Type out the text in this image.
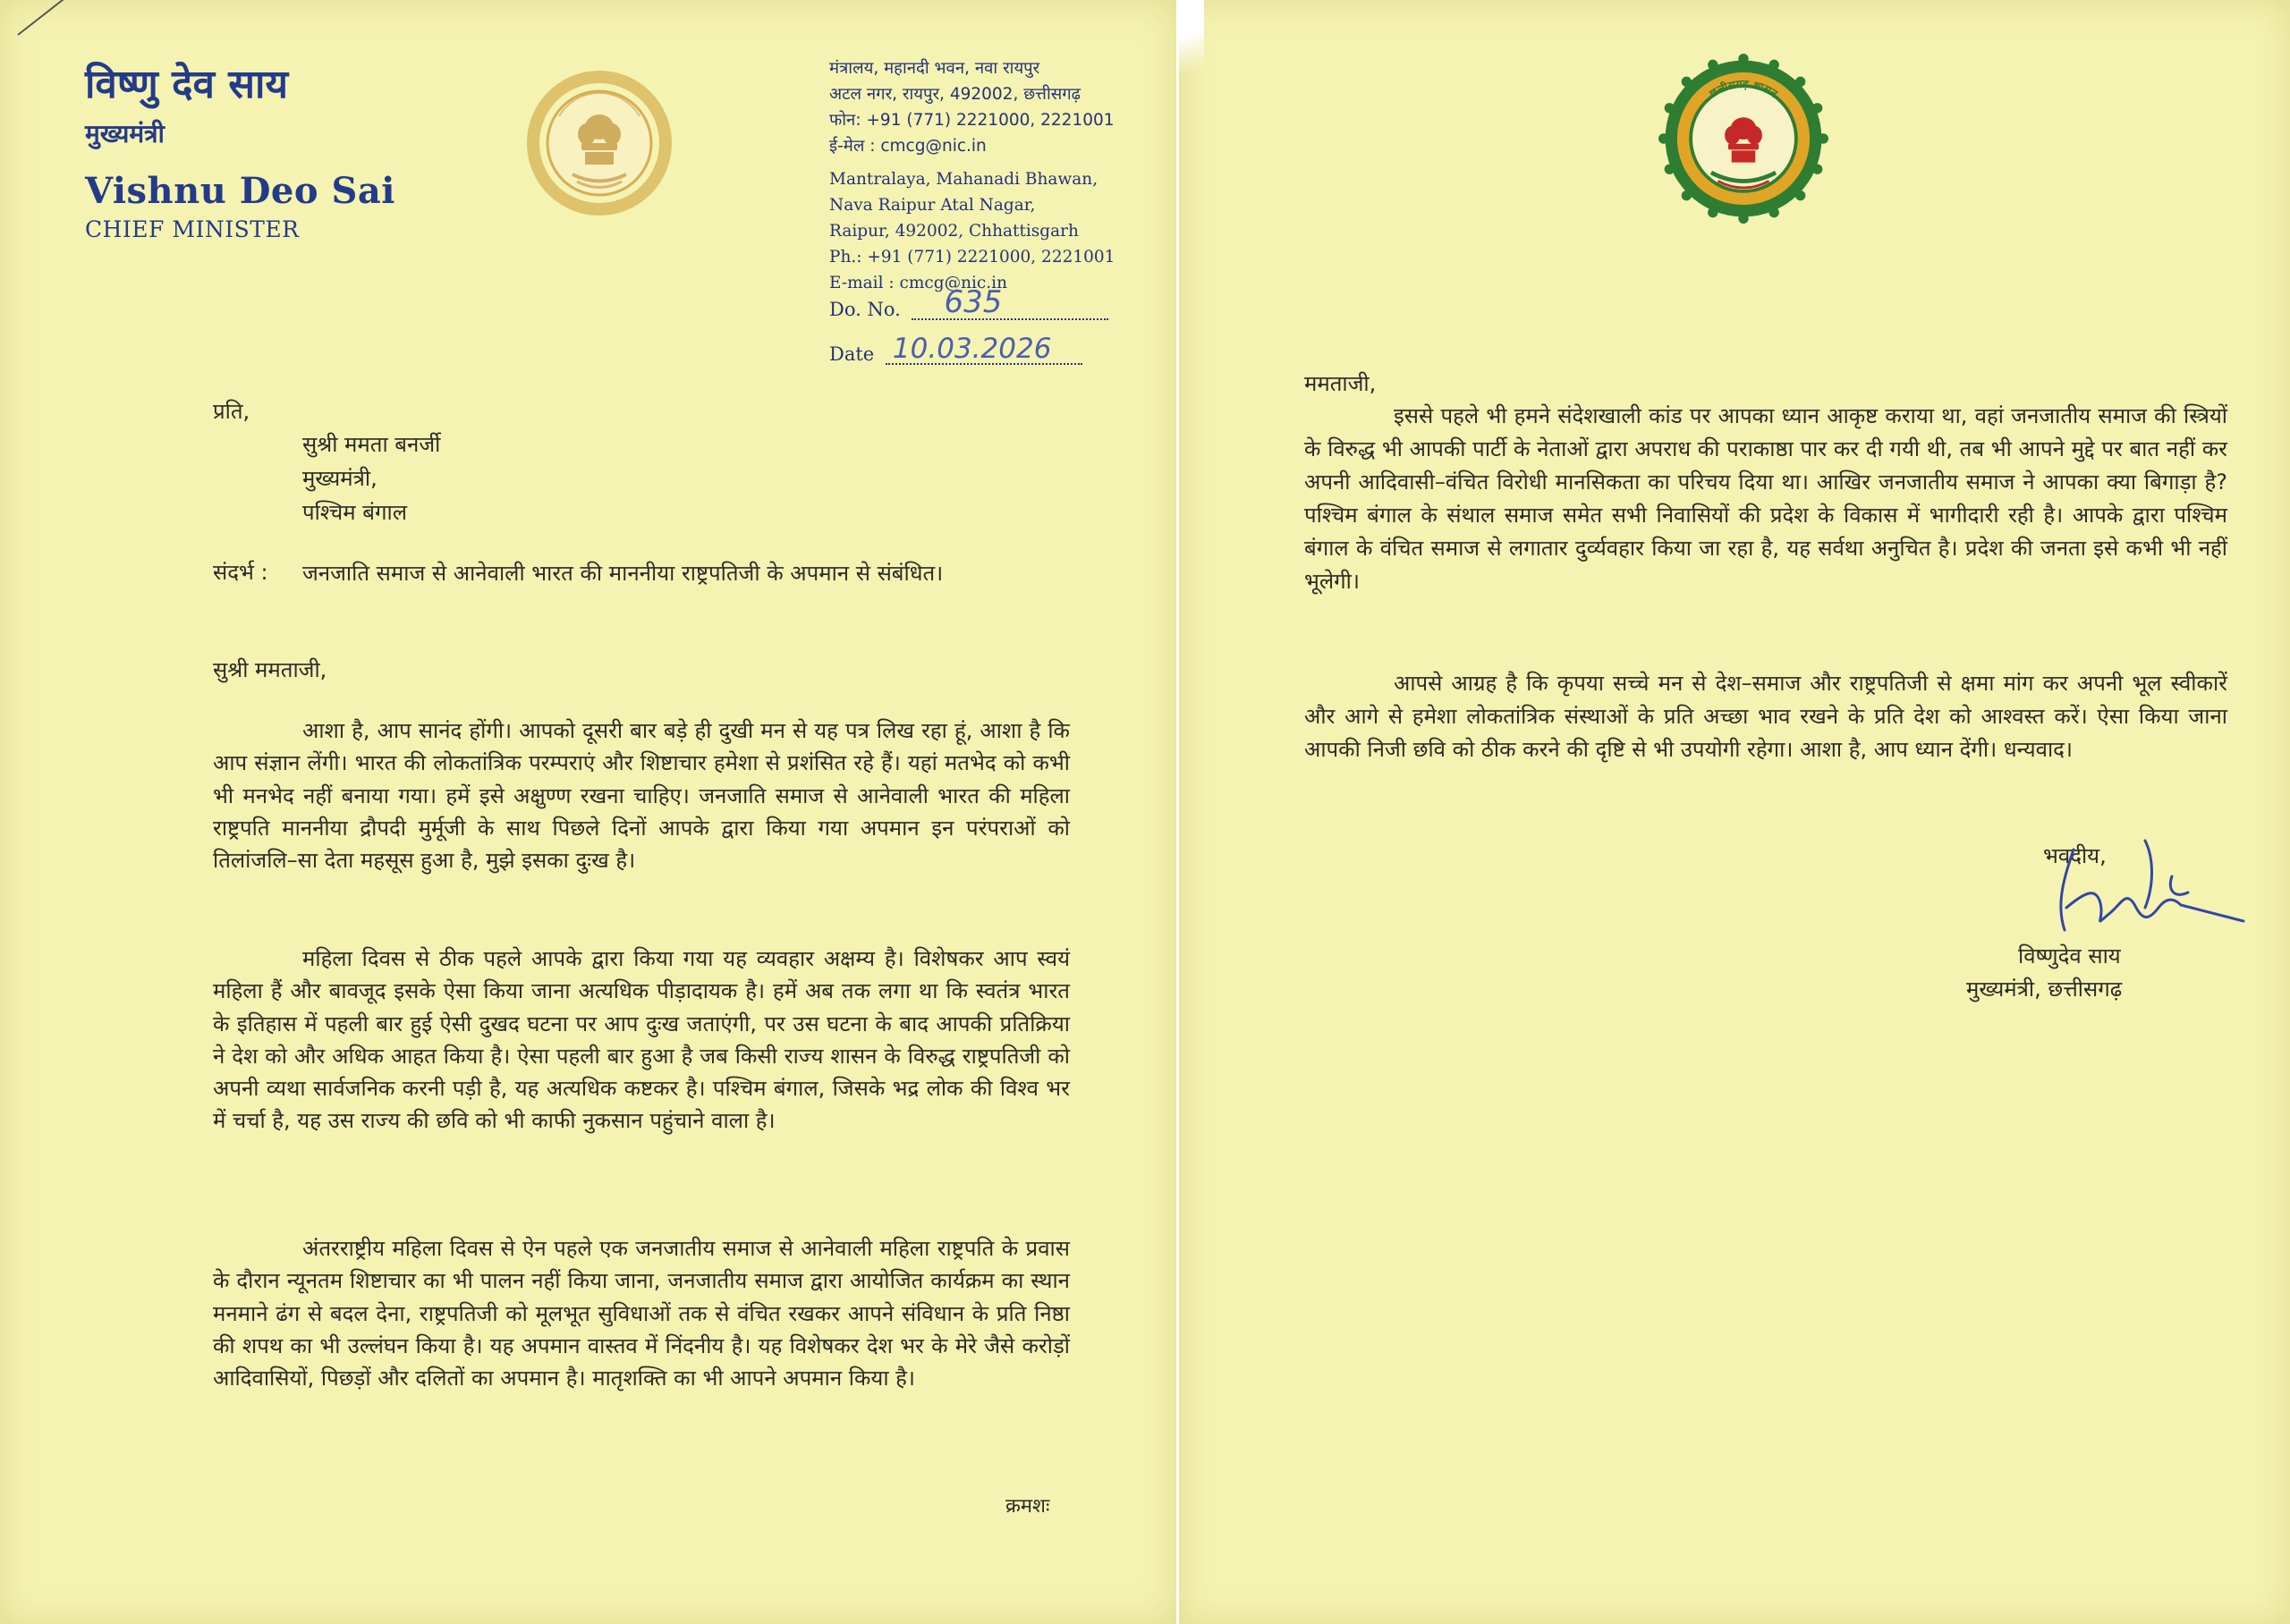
विष्णु देव साय
मुख्यमंत्री
Vishnu Deo Sai
CHIEF MINISTER
मंत्रालय, महानदी भवन, नवा रायपुर
अटल नगर, रायपुर, 492002, छत्तीसगढ़
फोन: +91 (771) 2221000, 2221001
ई-मेल : cmcg@nic.in
Mantralaya, Mahanadi Bhawan,
Nava Raipur Atal Nagar,
Raipur, 492002, Chhattisgarh
Ph.: +91 (771) 2221000, 2221001
E-mail : cmcg@nic.in
Do. No. 635
Date 10.03.2026
प्रति,
सुश्री ममता बनर्जी
मुख्यमंत्री,
पश्चिम बंगाल
संदर्भ : जनजाति समाज से आनेवाली भारत की माननीया राष्ट्रपतिजी के अपमान से संबंधित।
सुश्री ममताजी,
आशा है, आप सानंद होंगी। आपको दूसरी बार बड़े ही दुखी मन से यह पत्र लिख रहा हूं, आशा है कि आप संज्ञान लेंगी। भारत की लोकतांत्रिक परम्पराएं और शिष्टाचार हमेशा से प्रशंसित रहे हैं। यहां मतभेद को कभी भी मनभेद नहीं बनाया गया। हमें इसे अक्षुण्ण रखना चाहिए। जनजाति समाज से आनेवाली भारत की महिला राष्ट्रपति माननीया द्रौपदी मुर्मूजी के साथ पिछले दिनों आपके द्वारा किया गया अपमान इन परंपराओं को तिलांजलि–सा देता महसूस हुआ है, मुझे इसका दुःख है।
महिला दिवस से ठीक पहले आपके द्वारा किया गया यह व्यवहार अक्षम्य है। विशेषकर आप स्वयं महिला हैं और बावजूद इसके ऐसा किया जाना अत्यधिक पीड़ादायक है। हमें अब तक लगा था कि स्वतंत्र भारत के इतिहास में पहली बार हुई ऐसी दुखद घटना पर आप दुःख जताएंगी, पर उस घटना के बाद आपकी प्रतिक्रिया ने देश को और अधिक आहत किया है। ऐसा पहली बार हुआ है जब किसी राज्य शासन के विरुद्ध राष्ट्रपतिजी को अपनी व्यथा सार्वजनिक करनी पड़ी है, यह अत्यधिक कष्टकर है। पश्चिम बंगाल, जिसके भद्र लोक की विश्व भर में चर्चा है, यह उस राज्य की छवि को भी काफी नुकसान पहुंचाने वाला है।
अंतरराष्ट्रीय महिला दिवस से ऐन पहले एक जनजातीय समाज से आनेवाली महिला राष्ट्रपति के प्रवास के दौरान न्यूनतम शिष्टाचार का भी पालन नहीं किया जाना, जनजातीय समाज द्वारा आयोजित कार्यक्रम का स्थान मनमाने ढंग से बदल देना, राष्ट्रपतिजी को मूलभूत सुविधाओं तक से वंचित रखकर आपने संविधान के प्रति निष्ठा की शपथ का भी उल्लंघन किया है। यह अपमान वास्तव में निंदनीय है। यह विशेषकर देश भर के मेरे जैसे करोड़ों आदिवासियों, पिछड़ों और दलितों का अपमान है। मातृशक्ति का भी आपने अपमान किया है।
क्रमशः
छत्तीसगढ़ शासन
ममताजी,
इससे पहले भी हमने संदेशखाली कांड पर आपका ध्यान आकृष्ट कराया था, वहां जनजातीय समाज की स्त्रियों के विरुद्ध भी आपकी पार्टी के नेताओं द्वारा अपराध की पराकाष्ठा पार कर दी गयी थी, तब भी आपने मुद्दे पर बात नहीं कर अपनी आदिवासी–वंचित विरोधी मानसिकता का परिचय दिया था। आखिर जनजातीय समाज ने आपका क्या बिगाड़ा है? पश्चिम बंगाल के संथाल समाज समेत सभी निवासियों की प्रदेश के विकास में भागीदारी रही है। आपके द्वारा पश्चिम बंगाल के वंचित समाज से लगातार दुर्व्यवहार किया जा रहा है, यह सर्वथा अनुचित है। प्रदेश की जनता इसे कभी भी नहीं भूलेगी।
आपसे आग्रह है कि कृपया सच्चे मन से देश–समाज और राष्ट्रपतिजी से क्षमा मांग कर अपनी भूल स्वीकारें और आगे से हमेशा लोकतांत्रिक संस्थाओं के प्रति अच्छा भाव रखने के प्रति देश को आश्वस्त करें। ऐसा किया जाना आपकी निजी छवि को ठीक करने की दृष्टि से भी उपयोगी रहेगा। आशा है, आप ध्यान देंगी। धन्यवाद।
भवदीय,
विष्णुदेव साय
मुख्यमंत्री, छत्तीसगढ़
